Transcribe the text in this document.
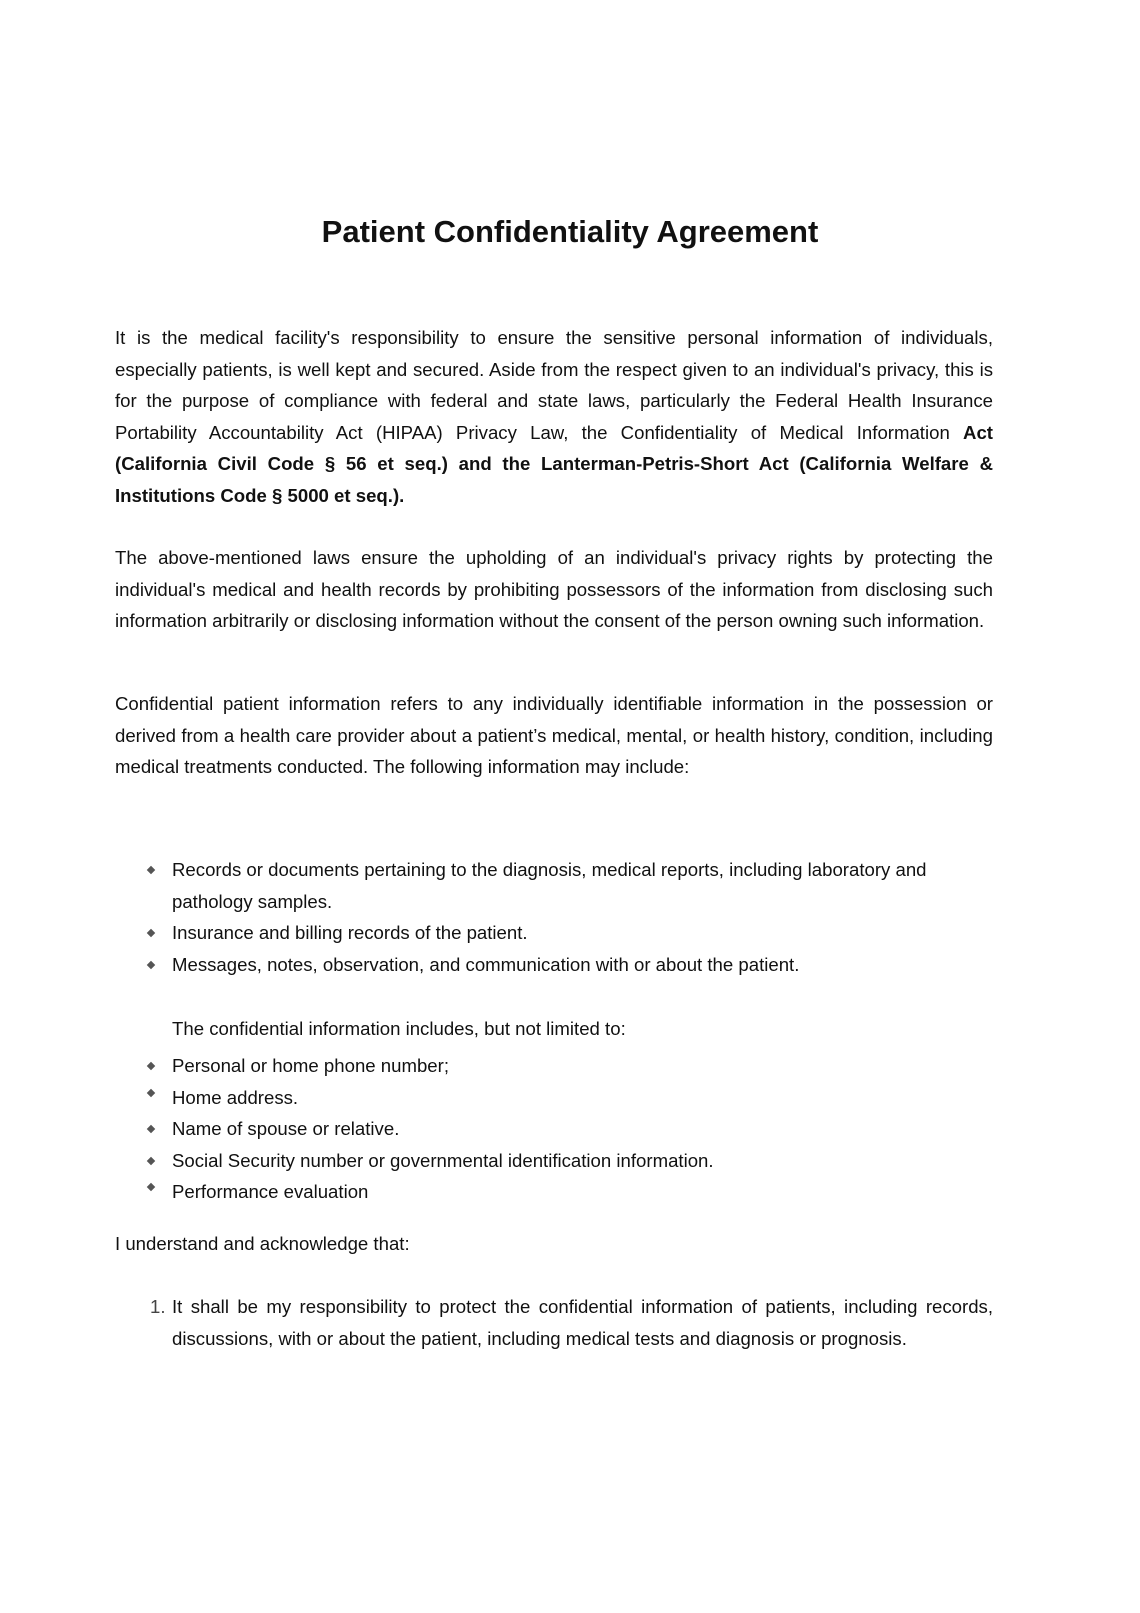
Patient Confidentiality Agreement

It is the medical facility's responsibility to ensure the sensitive personal information of individuals, especially patients, is well kept and secured. Aside from the respect given to an individual's privacy, this is for the purpose of compliance with federal and state laws, particularly the Federal Health Insurance Portability Accountability Act (HIPAA) Privacy Law, the Confidentiality of Medical Information Act (California Civil Code § 56 et seq.) and the Lanterman-Petris-Short Act (California Welfare & Institutions Code § 5000 et seq.).

The above-mentioned laws ensure the upholding of an individual's privacy rights by protecting the individual's medical and health records by prohibiting possessors of the information from disclosing such information arbitrarily or disclosing information without the consent of the person owning such information.

Confidential patient information refers to any individually identifiable information in the possession or derived from a health care provider about a patient’s medical, mental, or health history, condition, including medical treatments conducted. The following information may include:

Records or documents pertaining to the diagnosis, medical reports, including laboratory and pathology samples.
Insurance and billing records of the patient.
Messages, notes, observation, and communication with or about the patient.

The confidential information includes, but not limited to:

Personal or home phone number;
Home address.
Name of spouse or relative.
Social Security number or governmental identification information.
Performance evaluation

I understand and acknowledge that:

1. It shall be my responsibility to protect the confidential information of patients, including records, discussions, with or about the patient, including medical tests and diagnosis or prognosis.
